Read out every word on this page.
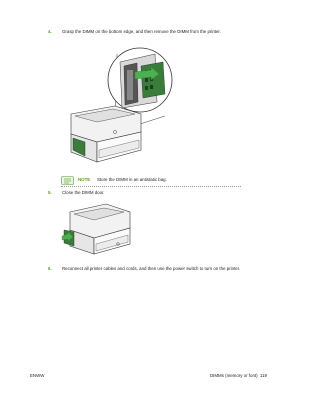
4. Grasp the DIMM on the bottom edge, and then remove the DIMM from the printer.
NOTE Store the DIMM in an antistatic bag.
5. Close the DIMM door.
6. Reconnect all printer cables and cords, and then use the power switch to turn on the printer.
ENWW	DIMMs (memory or font) 119
